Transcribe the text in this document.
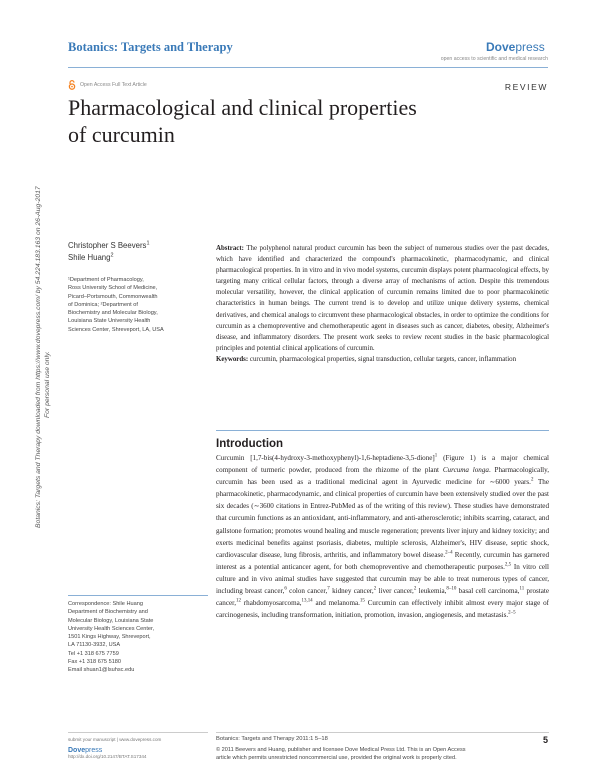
Botanics: Targets and Therapy	Dovepress
open access to scientific and medical research
Open Access Full Text Article	REVIEW
Pharmacological and clinical properties
of curcumin
Botanics: Targets and Therapy downloaded from https://www.dovepress.com/ by 54.224.183.163 on 26-Aug-2017 For personal use only.
Christopher S Beevers$^1$
Shile Huang$^2$
¹Department of Pharmacology,
Ross University School of Medicine,
Picard–Portsmouth, Commonwealth
of Dominica; ²Department of
Biochemistry and Molecular Biology,
Louisiana State University Health
Sciences Center, Shreveport, LA, USA
Abstract: The polyphenol natural product curcumin has been the subject of numerous studies over the past decades, which have identified and characterized the compound's pharmacokinetic, pharmacodynamic, and clinical pharmacological properties. In in vitro and in vivo model systems, curcumin displays potent pharmacological effects, by targeting many critical cellular factors, through a diverse array of mechanisms of action. Despite this tremendous molecular versatility, however, the clinical application of curcumin remains limited due to poor pharmacokinetic characteristics in human beings. The current trend is to develop and utilize unique delivery systems, chemical derivatives, and chemical analogs to circumvent these pharmacological obstacles, in order to optimize the conditions for curcumin as a chemopreventive and chemotherapeutic agent in diseases such as cancer, diabetes, obesity, Alzheimer's disease, and inflammatory disorders. The present work seeks to review recent studies in the basic pharmacological principles and potential clinical applications of curcumin.
Keywords: curcumin, pharmacological properties, signal transduction, cellular targets, cancer, inflammation
Introduction
Curcumin [1,7-bis(4-hydroxy-3-methoxyphenyl)-1,6-heptadiene-3,5-dione]$^1$ (Figure 1) is a major chemical component of turmeric powder, produced from the rhizome of the plant Curcuma longa. Pharmacologically, curcumin has been used as a traditional medicinal agent in Ayurvedic medicine for ∼6000 years.$^2$ The pharmacokinetic, pharmacodynamic, and clinical properties of curcumin have been extensively studied over the past six decades (∼3600 citations in Entrez-PubMed as of the writing of this review). These studies have demonstrated that curcumin functions as an antioxidant, anti-inflammatory, and anti-atherosclerotic; inhibits scarring, cataract, and gallstone formation; promotes wound healing and muscle regeneration; prevents liver injury and kidney toxicity; and exerts medicinal benefits against psoriasis, diabetes, multiple sclerosis, Alzheimer's, HIV disease, septic shock, cardiovascular disease, lung fibrosis, arthritis, and inflammatory bowel disease.$^{2-4}$ Recently, curcumin has garnered interest as a potential anticancer agent, for both chemopreventive and chemotherapeutic purposes.$^{2,5}$ In vitro cell culture and in vivo animal studies have suggested that curcumin may be able to treat numerous types of cancer, including breast cancer,$^6$ colon cancer,$^7$ kidney cancer,$^2$ liver cancer,$^2$ leukemia,$^{8-10}$ basal cell carcinoma,$^{11}$ prostate cancer,$^{12}$ rhabdomyosarcoma,$^{13,14}$ and melanoma.$^{15}$ Curcumin can effectively inhibit almost every major stage of carcinogenesis, including transformation, initiation, promotion, invasion, angiogenesis, and metastasis.$^{2-5}$
Correspondence: Shile Huang
Department of Biochemistry and
Molecular Biology, Louisiana State
University Health Sciences Center,
1501 Kings Highway, Shreveport,
LA 71130-3932, USA
Tel +1 318 675 7759
Fax +1 318 675 5180
Email shuan1@lsuhsc.edu
submit your manuscript | www.dovepress.com
Dovepress
http://dx.doi.org/10.2147/BTAT.S17344
Botanics: Targets and Therapy 2011:1 5–18	5
© 2011 Beevers and Huang, publisher and licensee Dove Medical Press Ltd. This is an Open Access
article which permits unrestricted noncommercial use, provided the original work is properly cited.
